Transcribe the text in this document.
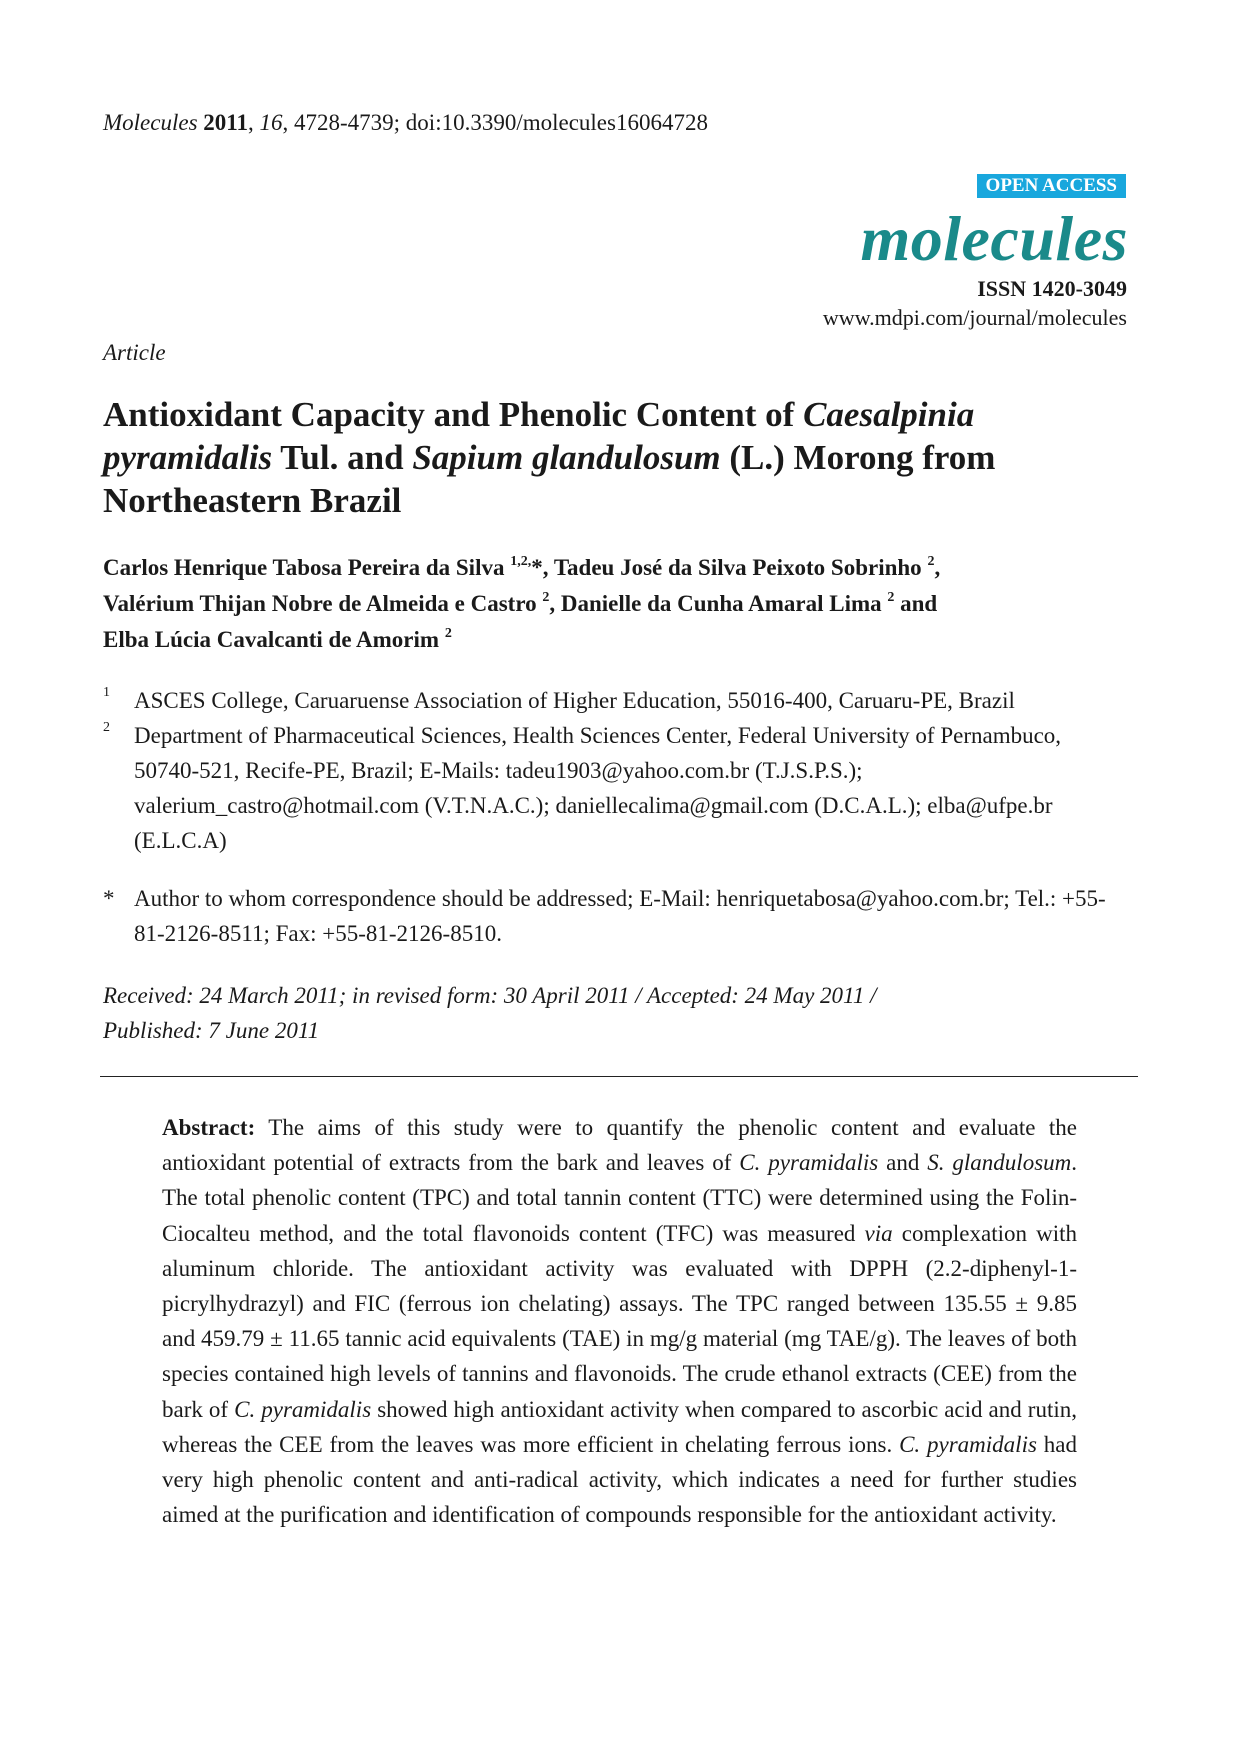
Molecules 2011, 16, 4728-4739; doi:10.3390/molecules16064728
OPEN ACCESS
molecules
ISSN 1420-3049
www.mdpi.com/journal/molecules
Article
Antioxidant Capacity and Phenolic Content of Caesalpinia pyramidalis Tul. and Sapium glandulosum (L.) Morong from Northeastern Brazil
Carlos Henrique Tabosa Pereira da Silva $^{1,2,}$*, Tadeu José da Silva Peixoto Sobrinho $^2$,
Valérium Thijan Nobre de Almeida e Castro $^2$, Danielle da Cunha Amaral Lima $^2$ and
Elba Lúcia Cavalcanti de Amorim $^2$
1 ASCES College, Caruaruense Association of Higher Education, 55016-400, Caruaru-PE, Brazil
2 Department of Pharmaceutical Sciences, Health Sciences Center, Federal University of Pernambuco, 50740-521, Recife-PE, Brazil; E-Mails: tadeu1903@yahoo.com.br (T.J.S.P.S.); valerium_castro@hotmail.com (V.T.N.A.C.); daniellecalima@gmail.com (D.C.A.L.); elba@ufpe.br (E.L.C.A)
* Author to whom correspondence should be addressed; E-Mail: henriquetabosa@yahoo.com.br; Tel.: +55-81-2126-8511; Fax: +55-81-2126-8510.
Received: 24 March 2011; in revised form: 30 April 2011 / Accepted: 24 May 2011 /
Published: 7 June 2011
Abstract: The aims of this study were to quantify the phenolic content and evaluate the antioxidant potential of extracts from the bark and leaves of C. pyramidalis and S. glandulosum. The total phenolic content (TPC) and total tannin content (TTC) were determined using the Folin-Ciocalteu method, and the total flavonoids content (TFC) was measured via complexation with aluminum chloride. The antioxidant activity was evaluated with DPPH (2.2-diphenyl-1-picrylhydrazyl) and FIC (ferrous ion chelating) assays. The TPC ranged between 135.55 ± 9.85 and 459.79 ± 11.65 tannic acid equivalents (TAE) in mg/g material (mg TAE/g). The leaves of both species contained high levels of tannins and flavonoids. The crude ethanol extracts (CEE) from the bark of C. pyramidalis showed high antioxidant activity when compared to ascorbic acid and rutin, whereas the CEE from the leaves was more efficient in chelating ferrous ions. C. pyramidalis had very high phenolic content and anti-radical activity, which indicates a need for further studies aimed at the purification and identification of compounds responsible for the antioxidant activity.
